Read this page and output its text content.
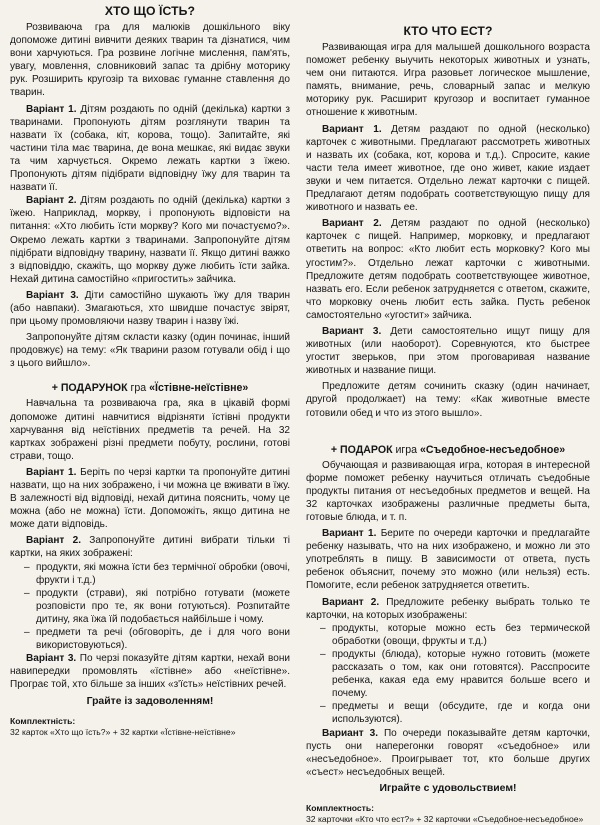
ХТО ЩО ЇСТЬ?

Розвиваюча гра для малюків дошкільного віку допоможе дитині вивчити деяких тварин та дізнатися, чим вони харчуються. Гра розвине логічне мислення, пам'ять, увагу, мовлення, словниковий запас та дрібну моторику рук. Розширить кругозір та виховає гуманне ставлення до тварин.

Варіант 1. Дітям роздають по одній (декілька) картки з тваринами. Пропонують дітям розглянути тварин та назвати їх (собака, кіт, корова, тощо). Запитайте, які частини тіла має тварина, де вона мешкає, які видає звуки та чим харчується. Окремо лежать картки з їжею. Пропонують дітям підібрати відповідну їжу для тварин та назвати її.

Варіант 2. Дітям роздають по одній (декілька) картки з їжею. Наприклад, моркву, і пропонують відповісти на питання: «Хто любить їсти моркву? Кого ми почастуємо?». Окремо лежать картки з тваринами. Запропонуйте дітям підібрати відповідну тварину, назвати її. Якщо дитині важко з відповіддю, скажіть, що моркву дуже любить їсти зайка. Нехай дитина самостійно «пригостить» зайчика.

Варіант 3. Діти самостійно шукають їжу для тварин (або навпаки). Змагаються, хто швидше почастує звірят, при цьому промовляючи назву тварин і назву їжі.

Запропонуйте дітям скласти казку (один починає, інший продовжує) на тему: «Як тварини разом готували обід і що з цього вийшло».

+ ПОДАРУНОК гра «Їстівне-неїстівне»

Навчальна та розвиваюча гра, яка в цікавій формі допоможе дитині навчитися відрізняти їстівні продукти харчування від неїстівних предметів та речей. На 32 картках зображені різні предмети побуту, рослини, готові страви, тощо.

Варіант 1. Беріть по черзі картки та пропонуйте дитині назвати, що на них зображено, і чи можна це вживати в їжу. В залежності від відповіді, нехай дитина пояснить, чому це можна (або не можна) їсти. Допоможіть, якщо дитина не може дати відповідь.

Варіант 2. Запропонуйте дитині вибрати тільки ті картки, на яких зображені:

– продукти, які можна їсти без термічної обробки (овочі, фрукти і т.д.)
– продукти (страви), які потрібно готувати (можете розповісти про те, як вони готуються). Розпитайте дитину, яка їжа їй подобається найбільше і чому.
– предмети та речі (обговоріть, де і для чого вони використовуються).

Варіант 3. По черзі показуйте дітям картки, нехай вони навипередки промовлять «їстівне» або «неїстівне». Програє той, хто більше за інших «з'їсть» неїстівних речей.

Грайте із задоволенням!
Комплектність:
32 карток «Хто що їсть?» + 32 картки «Їстівне-неїстівне»
КТО ЧТО ЕСТ?

Развивающая игра для малышей дошкольного возраста поможет ребенку выучить некоторых животных и узнать, чем они питаются. Игра разовьет логическое мышление, память, внимание, речь, словарный запас и мелкую моторику рук. Расширит кругозор и воспитает гуманное отношение к животным.

Вариант 1. Детям раздают по одной (несколько) карточек с животными. Предлагают рассмотреть животных и назвать их (собака, кот, корова и т.д.). Спросите, какие части тела имеет животное, где оно живет, какие издает звуки и чем питается. Отдельно лежат карточки с пищей. Предлагают детям подобрать соответствующую пищу для животного и назвать ее.

Вариант 2. Детям раздают по одной (несколько) карточек с пищей. Например, морковку, и предлагают ответить на вопрос: «Кто любит есть морковку? Кого мы угостим?». Отдельно лежат карточки с животными. Предложите детям подобрать соответствующее животное, назвать его. Если ребенок затрудняется с ответом, скажите, что морковку очень любит есть зайка. Пусть ребенок самостоятельно «угостит» зайчика.

Вариант 3. Дети самостоятельно ищут пищу для животных (или наоборот). Соревнуются, кто быстрее угостит зверьков, при этом проговаривая название животных и название пищи.

Предложите детям сочинить сказку (один начинает, другой продолжает) на тему: «Как животные вместе готовили обед и что из этого вышло».

+ ПОДАРОК игра «Съедобное-несъедобное»

Обучающая и развивающая игра, которая в интересной форме поможет ребенку научиться отличать съедобные продукты питания от несъедобных предметов и вещей. На 32 карточках изображены различные предметы быта, готовые блюда, и т. п.

Вариант 1. Берите по очереди карточки и предлагайте ребенку называть, что на них изображено, и можно ли это употреблять в пищу. В зависимости от ответа, пусть ребенок объяснит, почему это можно (или нельзя) есть. Помогите, если ребенок затрудняется ответить.

Вариант 2. Предложите ребенку выбрать только те карточки, на которых изображены:

– продукты, которые можно есть без термической обработки (овощи, фрукты и т.д.)
– продукты (блюда), которые нужно готовить (можете рассказать о том, как они готовятся). Расспросите ребенка, какая еда ему нравится больше всего и почему.
– предметы и вещи (обсудите, где и когда они используются).

Вариант 3. По очереди показывайте детям карточки, пусть они наперегонки говорят «съедобное» или «несъедобное». Проигрывает тот, кто больше других «съест» несъедобных вещей.

Играйте с удовольствием!
Комплектность:
32 карточки «Кто что ест?» + 32 карточки «Съедобное-несъедобное»
